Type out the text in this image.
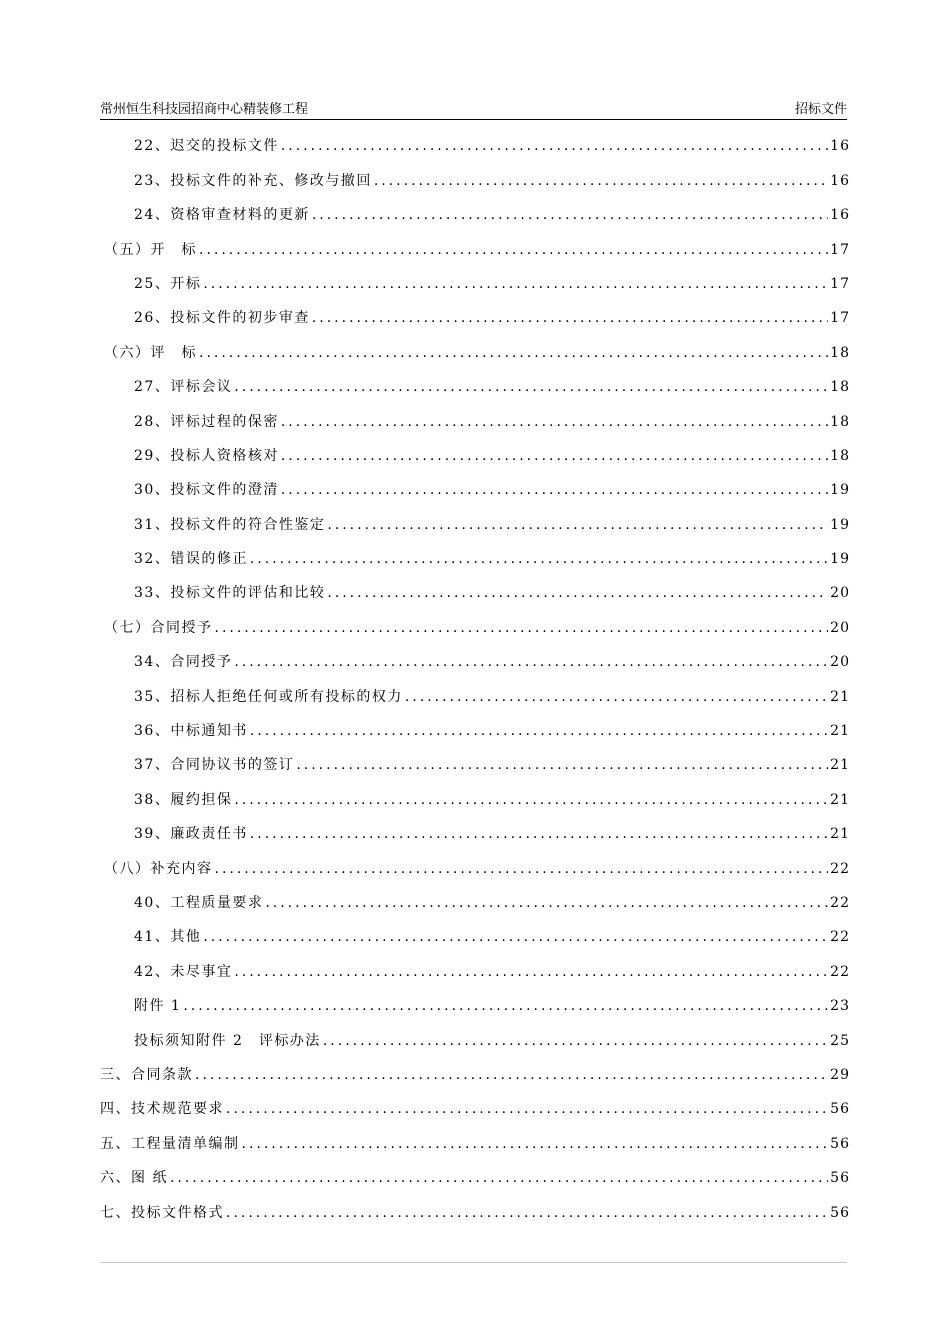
常州恒生科技园招商中心精装修工程	招标文件
22、迟交的投标文件 .....	16
23、投标文件的补充、修改与撤回 .....	16
24、资格审查材料的更新 .....	16
（五）开　标 .....	17
25、开标 .....	17
26、投标文件的初步审查 .....	17
（六）评　标 .....	18
27、评标会议 .....	18
28、评标过程的保密 .....	18
29、投标人资格核对 .....	18
30、投标文件的澄清 .....	19
31、投标文件的符合性鉴定 .....	19
32、错误的修正 .....	19
33、投标文件的评估和比较 .....	20
（七）合同授予 .....	20
34、合同授予 .....	20
35、招标人拒绝任何或所有投标的权力 .....	21
36、中标通知书 .....	21
37、合同协议书的签订 .....	21
38、履约担保 .....	21
39、廉政责任书 .....	21
（八）补充内容 .....	22
40、工程质量要求 .....	22
41、其他 .....	22
42、未尽事宜 .....	22
附件 1 .....	23
投标须知附件 2　评标办法 .....	25
三、合同条款 .....	29
四、技术规范要求 .....	56
五、工程量清单编制 .....	56
六、图 纸 .....	56
七、投标文件格式 .....	56
